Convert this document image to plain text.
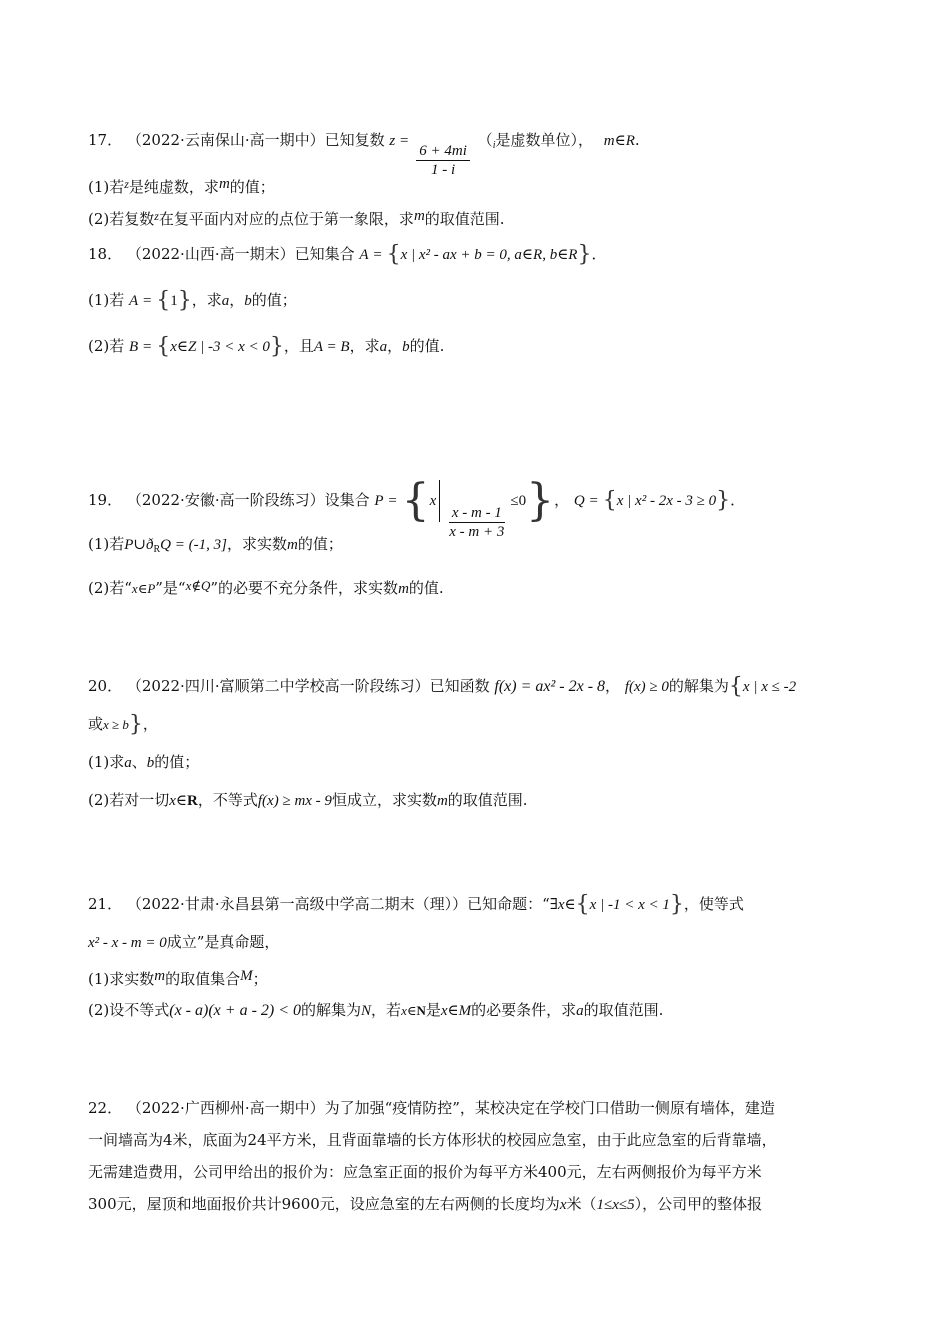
17． （2022·云南保山·高一期中）已知复数 z =
$\frac{6 + 4mi}{1 - i}$
（$_i$是虚数单位）， m∈R.
(1)若$^z$是纯虚数，求m的值；
(2)若复数$^z$在复平面内对应的点位于第一象限，求m的取值范围.
18． （2022·山西·高一期末）已知集合 A = {x | x² - ax + b = 0, a∈R, b∈R}．
(1)若 A = {1}，求a，b的值；
(2)若 B = {x∈Z | -3 < x < 0}，且A = B，求a，b的值.
19． （2022·安徽·高一阶段练习）设集合 P = {x
$\frac{x - m - 1}{x - m + 3}$
≤0}， Q = {x | x² - 2x - 3 ≥ 0}．
(1)若$P\cup ð_RQ = (-1$, 3]，求实数m的值；
(2)若“x∈P”是“x∉Q”的必要不充分条件，求实数m的值.
20． （2022·四川·富顺第二中学校高一阶段练习）已知函数 f(x) = ax² - 2x - 8， f(x) ≥ 0的解集为{x | x ≤ -2
或x ≥ b}，
(1)求a、b的值；
(2)若对一切x∈R，不等式f(x) ≥ mx - 9恒成立，求实数m的取值范围.
21． （2022·甘肃·永昌县第一高级中学高二期末（理））已知命题：“∃x∈{x | -1 < x < 1}，使等式
x² - x - m = 0成立”是真命题，
(1)求实数m的取值集合M；
(2)设不等式(x - a)(x + a - 2) < 0的解集为N，若x∈N是x∈M的必要条件，求a的取值范围.
22． （2022·广西柳州·高一期中）为了加强“疫情防控”，某校决定在学校门口借助一侧原有墙体，建造
一间墙高为4米，底面为24平方米，且背面靠墙的长方体形状的校园应急室，由于此应急室的后背靠墙，
无需建造费用，公司甲给出的报价为：应急室正面的报价为每平方米400元，左右两侧报价为每平方米
300元，屋顶和地面报价共计9600元，设应急室的左右两侧的长度均为x米（1≤x≤5），公司甲的整体报
